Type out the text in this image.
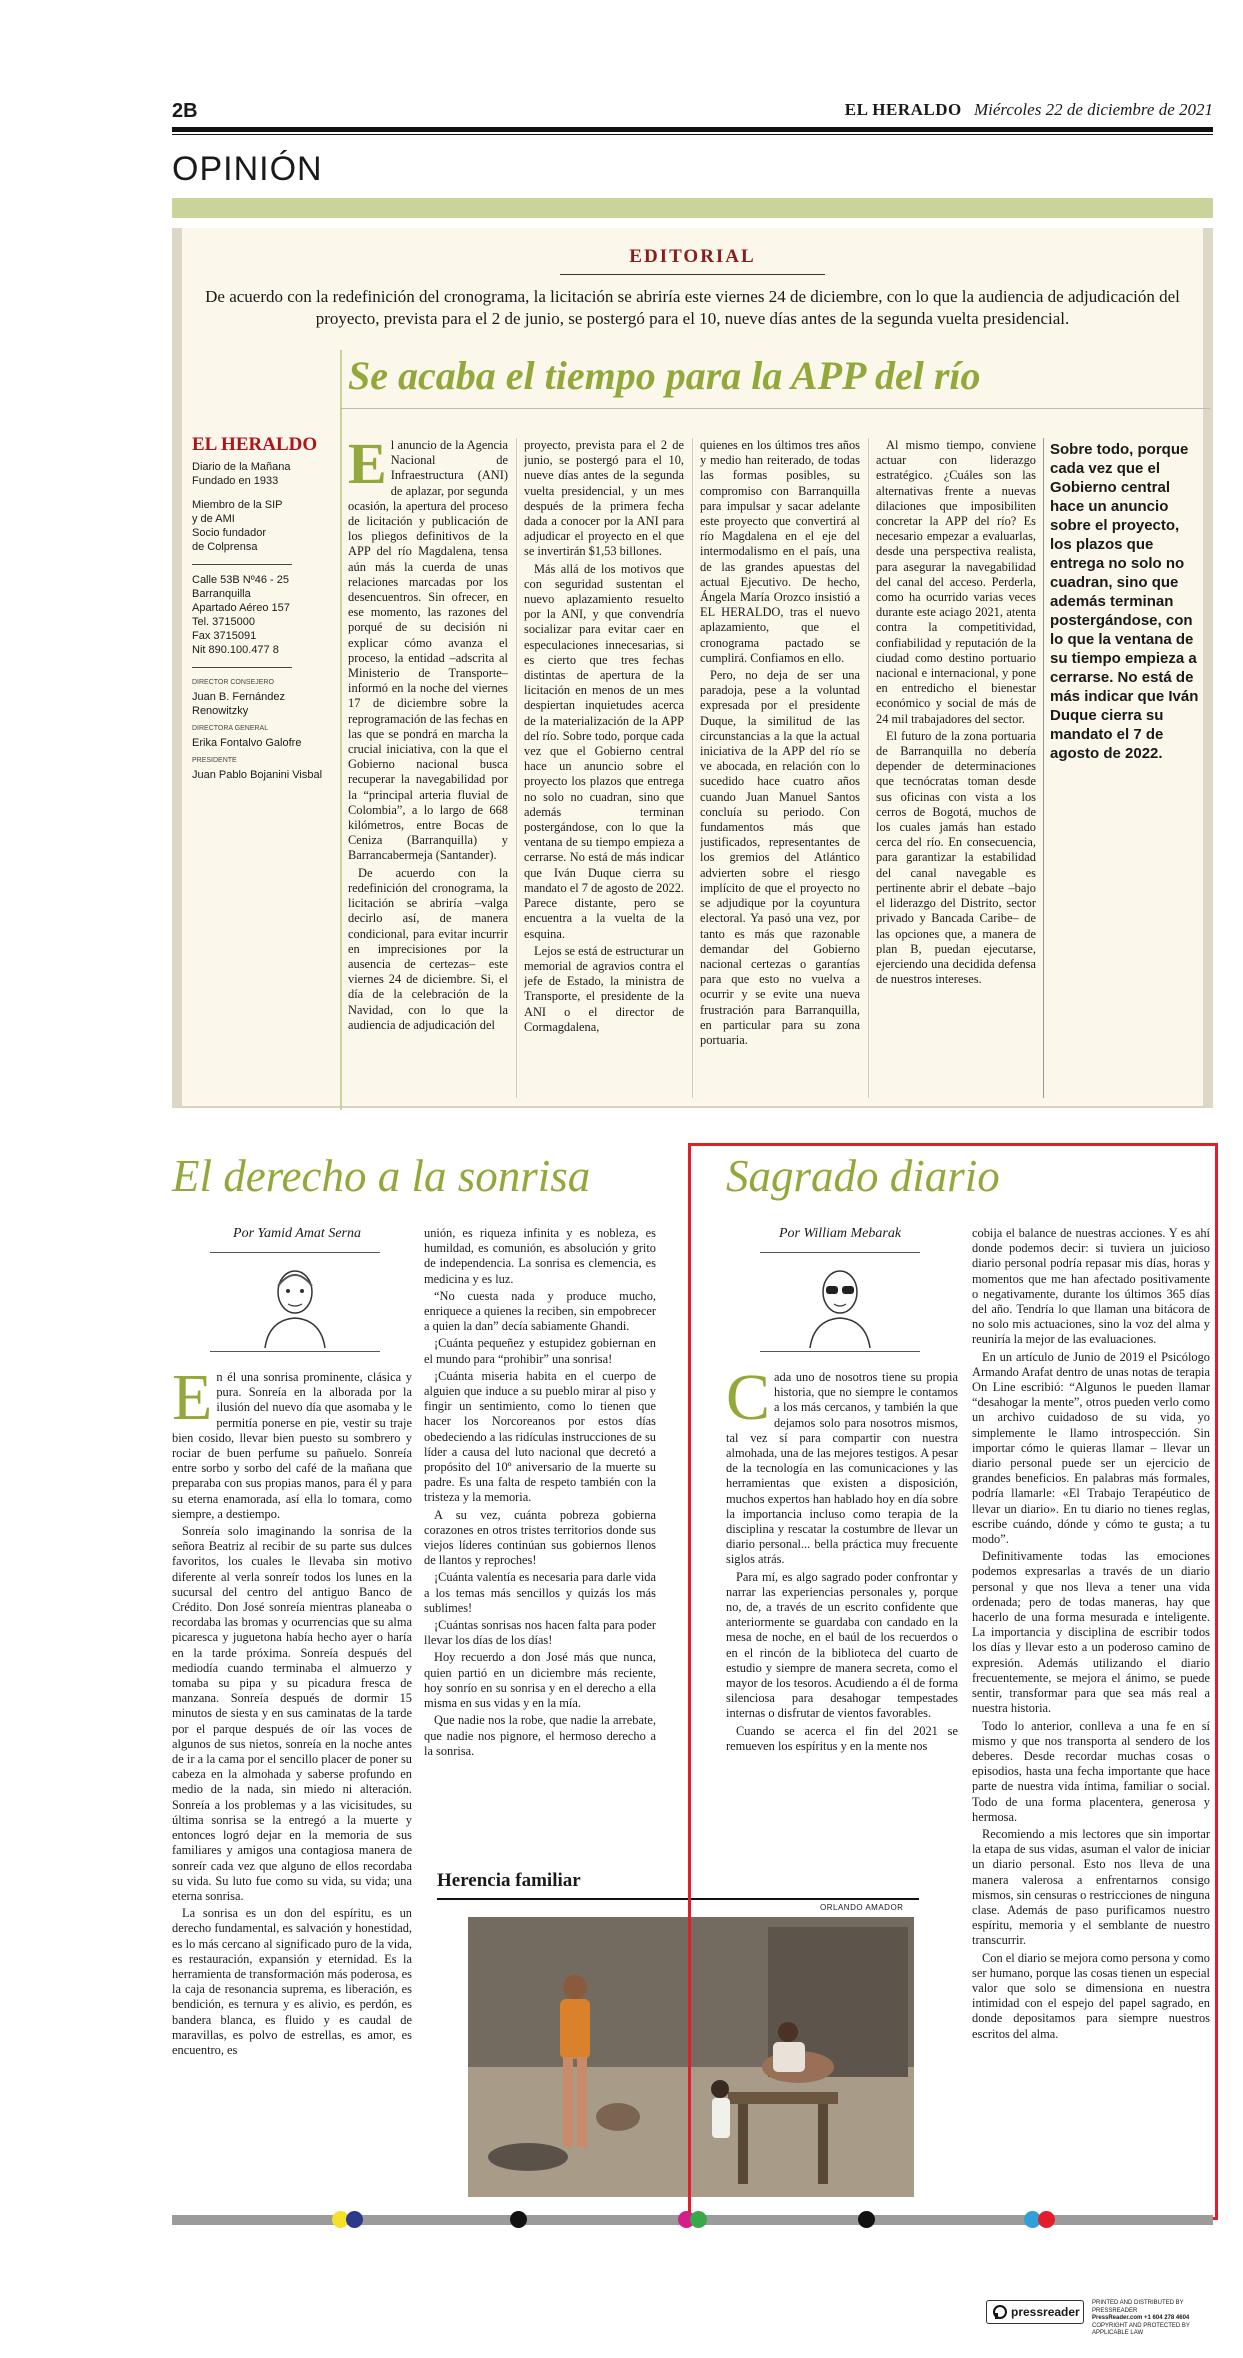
2B	EL HERALDO Miércoles 22 de diciembre de 2021
OPINIÓN
EDITORIAL
De acuerdo con la redefinición del cronograma, la licitación se abriría este viernes 24 de diciembre, con lo que la audiencia de adjudicación del proyecto, prevista para el 2 de junio, se postergó para el 10, nueve días antes de la segunda vuelta presidencial.
Se acaba el tiempo para la APP del río
EL HERALDO
Diario de la Mañana
Fundado en 1933
Miembro de la SIP
y de AMI
Socio fundador
de Colprensa
Calle 53B Nº46 - 25
Barranquilla
Apartado Aéreo 157
Tel. 3715000
Fax 3715091
Nit 890.100.477 8
DIRECTOR CONSEJERO
Juan B. Fernández Renowitzky
DIRECTORA GENERAL
Erika Fontalvo Galofre
PRESIDENTE
Juan Pablo Bojanini Visbal
E l anuncio de la Agencia Nacional de Infraestructura (ANI) de aplazar, por segunda ocasión, la apertura del proceso de licitación y publicación de los pliegos definitivos de la APP del río Magdalena, tensa aún más la cuerda de unas relaciones marcadas por los desencuentros. Sin ofrecer, en ese momento, las razones del porqué de su decisión ni explicar cómo avanza el proceso, la entidad –adscrita al Ministerio de Transporte– informó en la noche del viernes 17 de diciembre sobre la reprogramación de las fechas en las que se pondrá en marcha la crucial iniciativa, con la que el Gobierno nacional busca recuperar la navegabilidad por la “principal arteria fluvial de Colombia”, a lo largo de 668 kilómetros, entre Bocas de Ceniza (Barranquilla) y Barrancabermeja (Santander).

De acuerdo con la redefinición del cronograma, la licitación se abriría –valga decirlo así, de manera condicional, para evitar incurrir en imprecisiones por la ausencia de certezas– este viernes 24 de diciembre. Si, el día de la celebración de la Navidad, con lo que la audiencia de adjudicación del

proyecto, prevista para el 2 de junio, se postergó para el 10, nueve días antes de la segunda vuelta presidencial, y un mes después de la primera fecha dada a conocer por la ANI para adjudicar el proyecto en el que se invertirán $1,53 billones.

Más allá de los motivos que con seguridad sustentan el nuevo aplazamiento resuelto por la ANI, y que convendría socializar para evitar caer en especulaciones innecesarias, si es cierto que tres fechas distintas de apertura de la licitación en menos de un mes despiertan inquietudes acerca de la materialización de la APP del río. Sobre todo, porque cada vez que el Gobierno central hace un anuncio sobre el proyecto los plazos que entrega no solo no cuadran, sino que además terminan postergándose, con lo que la ventana de su tiempo empieza a cerrarse. No está de más indicar que Iván Duque cierra su mandato el 7 de agosto de 2022. Parece distante, pero se encuentra a la vuelta de la esquina.

Lejos se está de estructurar un memorial de agravios contra el jefe de Estado, la ministra de Transporte, el presidente de la ANI o el director de Cormagdalena,

quienes en los últimos tres años y medio han reiterado, de todas las formas posibles, su compromiso con Barranquilla para impulsar y sacar adelante este proyecto que convertirá al río Magdalena en el eje del intermodalismo en el país, una de las grandes apuestas del actual Ejecutivo. De hecho, Ángela María Orozco insistió a EL HERALDO, tras el nuevo aplazamiento, que el cronograma pactado se cumplirá. Confiamos en ello.

Pero, no deja de ser una paradoja, pese a la voluntad expresada por el presidente Duque, la similitud de las circunstancias a la que la actual iniciativa de la APP del río se ve abocada, en relación con lo sucedido hace cuatro años cuando Juan Manuel Santos concluía su periodo. Con fundamentos más que justificados, representantes de los gremios del Atlántico advierten sobre el riesgo implícito de que el proyecto no se adjudique por la coyuntura electoral. Ya pasó una vez, por tanto es más que razonable demandar del Gobierno nacional certezas o garantías para que esto no vuelva a ocurrir y se evite una nueva frustración para Barranquilla, en particular para su zona portuaria.

Al mismo tiempo, conviene actuar con liderazgo estratégico. ¿Cuáles son las alternativas frente a nuevas dilaciones que imposibiliten concretar la APP del río? Es necesario empezar a evaluarlas, desde una perspectiva realista, para asegurar la navegabilidad del canal del acceso. Perderla, como ha ocurrido varias veces durante este aciago 2021, atenta contra la competitividad, confiabilidad y reputación de la ciudad como destino portuario nacional e internacional, y pone en entredicho el bienestar económico y social de más de 24 mil trabajadores del sector.

El futuro de la zona portuaria de Barranquilla no debería depender de determinaciones que tecnócratas toman desde sus oficinas con vista a los cerros de Bogotá, muchos de los cuales jamás han estado cerca del río. En consecuencia, para garantizar la estabilidad del canal navegable es pertinente abrir el debate –bajo el liderazgo del Distrito, sector privado y Bancada Caribe– de las opciones que, a manera de plan B, puedan ejecutarse, ejerciendo una decidida defensa de nuestros intereses.

Sobre todo, porque cada vez que el Gobierno central hace un anuncio sobre el proyecto, los plazos que entrega no solo no cuadran, sino que además terminan postergándose, con lo que la ventana de su tiempo empieza a cerrarse. No está de más indicar que Iván Duque cierra su mandato el 7 de agosto de 2022.
El derecho a la sonrisa
Por Yamid Amat Serna
E n él una sonrisa prominente, clásica y pura. Sonreía en la alborada por la ilusión del nuevo día que asomaba y le permitía ponerse en pie, vestir su traje bien cosido, llevar bien puesto su sombrero y rociar de buen perfume su pañuelo. Sonreía entre sorbo y sorbo del café de la mañana que preparaba con sus propias manos, para él y para su eterna enamorada, así ella lo tomara, como siempre, a destiempo.

Sonreía solo imaginando la sonrisa de la señora Beatriz al recibir de su parte sus dulces favoritos, los cuales le llevaba sin motivo diferente al verla sonreír todos los lunes en la sucursal del centro del antiguo Banco de Crédito. Don José sonreía mientras planeaba o recordaba las bromas y ocurrencias que su alma picaresca y juguetona había hecho ayer o haría en la tarde próxima. Sonreía después del mediodía cuando terminaba el almuerzo y tomaba su pipa y su picadura fresca de manzana. Sonreía después de dormir 15 minutos de siesta y en sus caminatas de la tarde por el parque después de oír las voces de algunos de sus nietos, sonreía en la noche antes de ir a la cama por el sencillo placer de poner su cabeza en la almohada y saberse profundo en medio de la nada, sin miedo ni alteración. Sonreía a los problemas y a las vicisitudes, su última sonrisa se la entregó a la muerte y entonces logró dejar en la memoria de sus familiares y amigos una contagiosa manera de sonreír cada vez que alguno de ellos recordaba su vida. Su luto fue como su vida, su vida; una eterna sonrisa.

La sonrisa es un don del espíritu, es un derecho fundamental, es salvación y honestidad, es lo más cercano al significado puro de la vida, es restauración, expansión y eternidad. Es la herramienta de transformación más poderosa, es la caja de resonancia suprema, es liberación, es bendición, es ternura y es alivio, es perdón, es bandera blanca, es fluido y es caudal de maravillas, es polvo de estrellas, es amor, es encuentro, es

unión, es riqueza infinita y es nobleza, es humildad, es comunión, es absolución y grito de independencia. La sonrisa es clemencia, es medicina y es luz.

“No cuesta nada y produce mucho, enriquece a quienes la reciben, sin empobrecer a quien la dan” decía sabiamente Ghandi.

¡Cuánta pequeñez y estupidez gobiernan en el mundo para “prohibir” una sonrisa!

¡Cuánta miseria habita en el cuerpo de alguien que induce a su pueblo mirar al piso y fingir un sentimiento, como lo tienen que hacer los Norcoreanos por estos días obedeciendo a las ridículas instrucciones de su líder a causa del luto nacional que decretó a propósito del 10º aniversario de la muerte su padre. Es una falta de respeto también con la tristeza y la memoria.

A su vez, cuánta pobreza gobierna corazones en otros tristes territorios donde sus viejos líderes continúan sus gobiernos llenos de llantos y reproches!

¡Cuánta valentía es necesaria para darle vida a los temas más sencillos y quizás los más sublimes!

¡Cuántas sonrisas nos hacen falta para poder llevar los días de los días!

Hoy recuerdo a don José más que nunca, quien partió en un diciembre más reciente, hoy sonrío en su sonrisa y en el derecho a ella misma en sus vidas y en la mía.

Que nadie nos la robe, que nadie la arrebate, que nadie nos pignore, el hermoso derecho a la sonrisa.

Herencia familiar
ORLANDO AMADOR
Sagrado diario
Por William Mebarak
C ada uno de nosotros tiene su propia historia, que no siempre le contamos a los más cercanos, y también la que dejamos solo para nosotros mismos, tal vez sí para compartir con nuestra almohada, una de las mejores testigos. A pesar de la tecnología en las comunicaciones y las herramientas que existen a disposición, muchos expertos han hablado hoy en día sobre la importancia incluso como terapia de la disciplina y rescatar la costumbre de llevar un diario personal... bella práctica muy frecuente siglos atrás.

Para mí, es algo sagrado poder confrontar y narrar las experiencias personales y, porque no, de, a través de un escrito confidente que anteriormente se guardaba con candado en la mesa de noche, en el baúl de los recuerdos o en el rincón de la biblioteca del cuarto de estudio y siempre de manera secreta, como el mayor de los tesoros. Acudiendo a él de forma silenciosa para desahogar tempestades internas o disfrutar de vientos favorables.

Cuando se acerca el fin del 2021 se remueven los espíritus y en la mente nos

cobija el balance de nuestras acciones. Y es ahí donde podemos decir: si tuviera un juicioso diario personal podría repasar mis días, horas y momentos que me han afectado positivamente o negativamente, durante los últimos 365 días del año. Tendría lo que llaman una bitácora de no solo mis actuaciones, sino la voz del alma y reuniría la mejor de las evaluaciones.

En un artículo de Junio de 2019 el Psicólogo Armando Arafat dentro de unas notas de terapia On Line escribió: “Algunos le pueden llamar “desahogar la mente”, otros pueden verlo como un archivo cuidadoso de su vida, yo simplemente le llamo introspección. Sin importar cómo le quieras llamar – llevar un diario personal puede ser un ejercicio de grandes beneficios. En palabras más formales, podría llamarle: «El Trabajo Terapéutico de llevar un diario». En tu diario no tienes reglas, escribe cuándo, dónde y cómo te gusta; a tu modo”.

Definitivamente todas las emociones podemos expresarlas a través de un diario personal y que nos lleva a tener una vida ordenada; pero de todas maneras, hay que hacerlo de una forma mesurada e inteligente. La importancia y disciplina de escribir todos los días y llevar esto a un poderoso camino de expresión. Además utilizando el diario frecuentemente, se mejora el ánimo, se puede sentir, transformar para que sea más real a nuestra historia.

Todo lo anterior, conlleva a una fe en sí mismo y que nos transporta al sendero de los deberes. Desde recordar muchas cosas o episodios, hasta una fecha importante que hace parte de nuestra vida íntima, familiar o social. Todo de una forma placentera, generosa y hermosa.

Recomiendo a mis lectores que sin importar la etapa de sus vidas, asuman el valor de iniciar un diario personal. Esto nos lleva de una manera valerosa a enfrentarnos consigo mismos, sin censuras o restricciones de ninguna clase. Además de paso purificamos nuestro espíritu, memoria y el semblante de nuestro transcurrir.

Con el diario se mejora como persona y como ser humano, porque las cosas tienen un especial valor que solo se dimensiona en nuestra intimidad con el espejo del papel sagrado, en donde depositamos para siempre nuestros escritos del alma.

pressreader
PRINTED AND DISTRIBUTED BY PRESSREADER
PressReader.com +1 604 278 4604
COPYRIGHT AND PROTECTED BY APPLICABLE LAW
